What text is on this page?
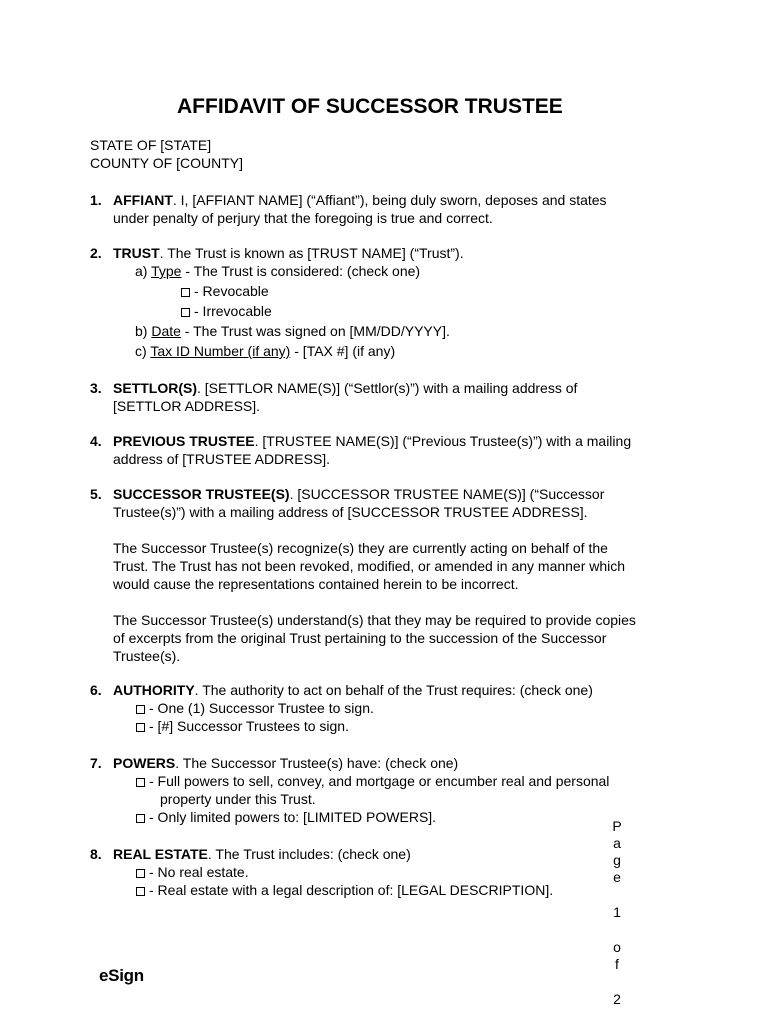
AFFIDAVIT OF SUCCESSOR TRUSTEE
STATE OF [STATE]
COUNTY OF [COUNTY]
1. AFFIANT. I, [AFFIANT NAME] (“Affiant”), being duly sworn, deposes and states
under penalty of perjury that the foregoing is true and correct.
2. TRUST. The Trust is known as [TRUST NAME] (“Trust”).
a) Type - The Trust is considered: (check one)
- Revocable
- Irrevocable
b) Date - The Trust was signed on [MM/DD/YYYY].
c) Tax ID Number (if any) - [TAX #] (if any)
3. SETTLOR(S). [SETTLOR NAME(S)] (“Settlor(s)”) with a mailing address of
[SETTLOR ADDRESS].
4. PREVIOUS TRUSTEE. [TRUSTEE NAME(S)] (“Previous Trustee(s)”) with a mailing
address of [TRUSTEE ADDRESS].
5. SUCCESSOR TRUSTEE(S). [SUCCESSOR TRUSTEE NAME(S)] (“Successor
Trustee(s)”) with a mailing address of [SUCCESSOR TRUSTEE ADDRESS].
The Successor Trustee(s) recognize(s) they are currently acting on behalf of the
Trust. The Trust has not been revoked, modified, or amended in any manner which
would cause the representations contained herein to be incorrect.
The Successor Trustee(s) understand(s) that they may be required to provide copies
of excerpts from the original Trust pertaining to the succession of the Successor
Trustee(s).
6. AUTHORITY. The authority to act on behalf of the Trust requires: (check one)
- One (1) Successor Trustee to sign.
- [#] Successor Trustees to sign.
7. POWERS. The Successor Trustee(s) have: (check one)
- Full powers to sell, convey, and mortgage or encumber real and personal
property under this Trust.
- Only limited powers to: [LIMITED POWERS].
8. REAL ESTATE. The Trust includes: (check one)
- No real estate.
- Real estate with a legal description of: [LEGAL DESCRIPTION].
P
a
g
e
1
o
f
2
eSign
